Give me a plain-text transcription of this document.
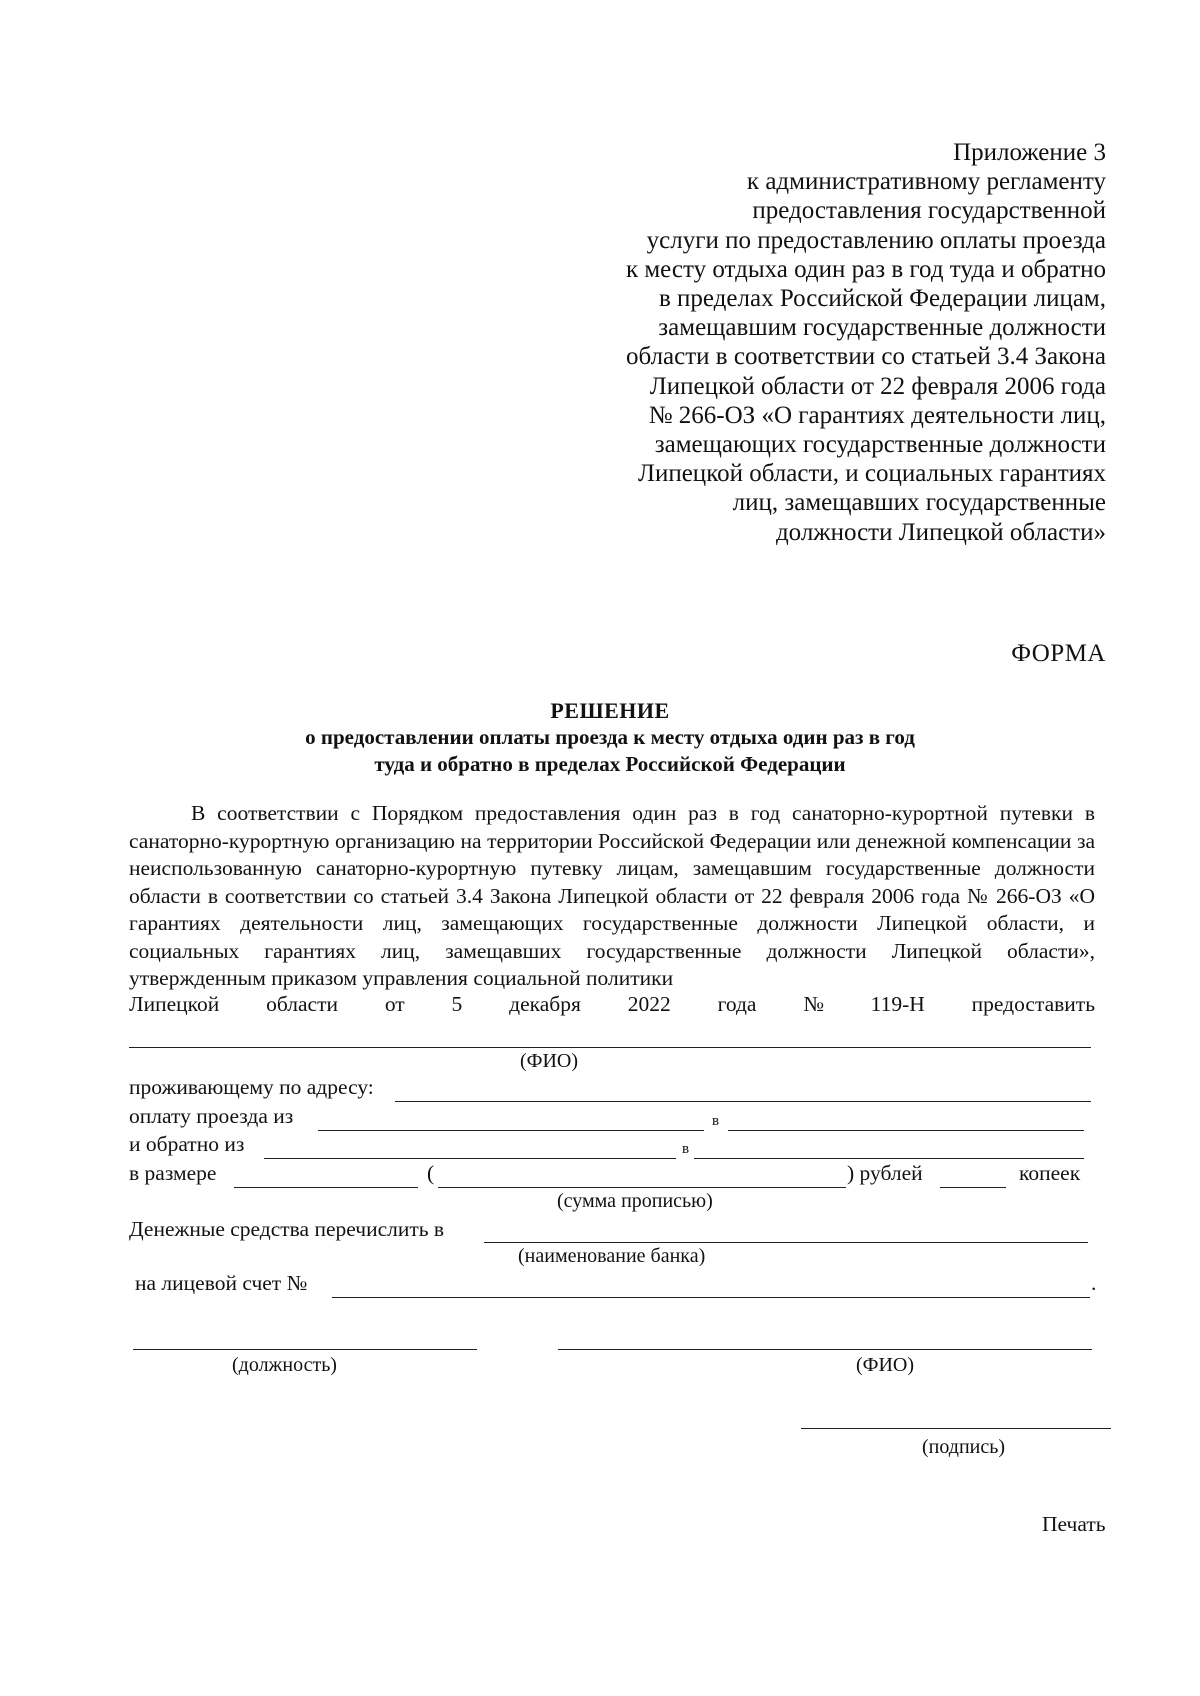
Приложение 3
к административному регламенту
предоставления государственной
услуги по предоставлению оплаты проезда
к месту отдыха один раз в год туда и обратно
в пределах Российской Федерации лицам,
замещавшим государственные должности
области в соответствии со статьей 3.4 Закона
Липецкой области от 22 февраля 2006 года
№ 266-ОЗ «О гарантиях деятельности лиц,
замещающих государственные должности
Липецкой области, и социальных гарантиях
лиц, замещавших государственные
должности Липецкой области»
ФОРМА
РЕШЕНИЕ
о предоставлении оплаты проезда к месту отдыха один раз в год
туда и обратно в пределах Российской Федерации
В соответствии с Порядком предоставления один раз в год санаторно-курортной путевки в санаторно-курортную организацию на территории Российской Федерации или денежной компенсации за неиспользованную санаторно-курортную путевку лицам, замещавшим государственные должности области в соответствии со статьей 3.4 Закона Липецкой области от 22 февраля 2006 года № 266-ОЗ «О гарантиях деятельности лиц, замещающих государственные должности Липецкой области, и социальных гарантиях лиц, замещавших государственные должности Липецкой области», утвержденным приказом управления социальной политики
Липецкой области от 5 декабря 2022 года № 119-Н предоставить
(ФИО)
проживающему по адресу:
оплату проезда из	в
и обратно из	в
в размере	(	) рублей	копеек
(сумма прописью)
Денежные средства перечислить в
(наименование банка)
на лицевой счет №	.
(должность)	(ФИО)
(подпись)
Печать
